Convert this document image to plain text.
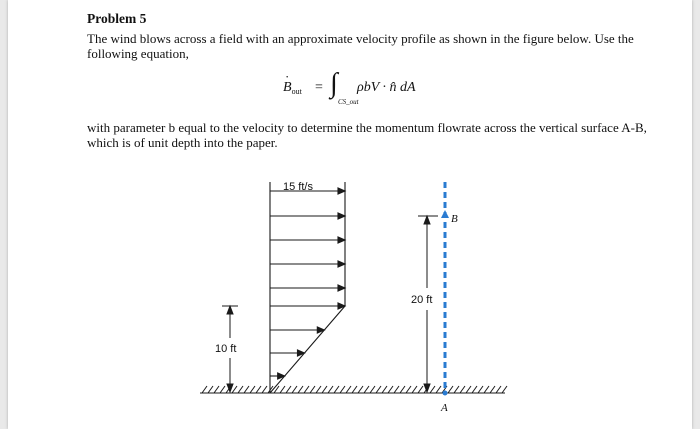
Problem 5
The wind blows across a field with an approximate velocity profile as shown in the figure below. Use the following equation,
·
$B_{out}$ = ∫
CS_out
ρbV · n̂ dA
with parameter b equal to the velocity to determine the momentum flowrate across the vertical surface A-B, which is of unit depth into the paper.
10 ft
15 ft/s
20 ft
B
A
